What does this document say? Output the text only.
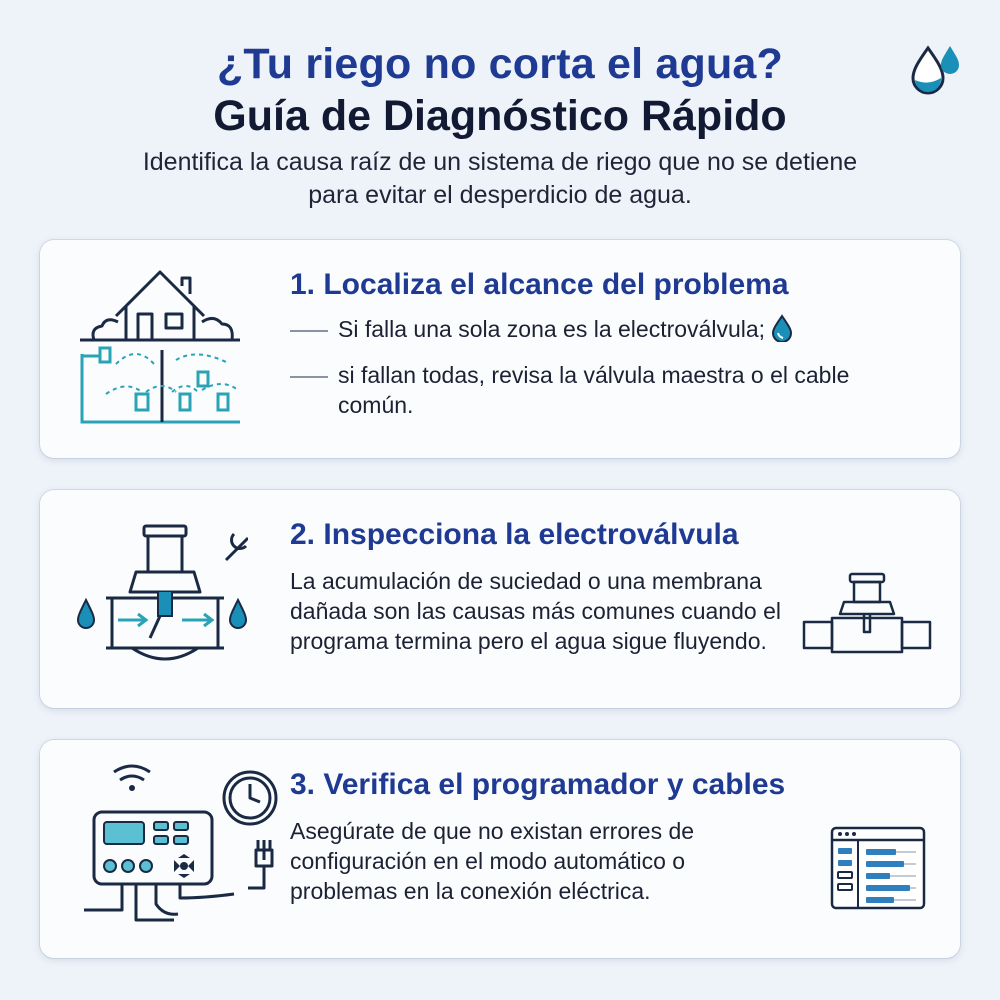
¿Tu riego no corta el agua?
Guía de Diagnóstico Rápido
Identifica la causa raíz de un sistema de riego que no se detiene para evitar el desperdicio de agua.
1. Localiza el alcance del problema
Si falla una sola zona es la electroválvula;
si fallan todas, revisa la válvula maestra o el cable común.
2. Inspecciona la electroválvula
La acumulación de suciedad o una membrana dañada son las causas más comunes cuando el programa termina pero el agua sigue fluyendo.
3. Verifica el programador y cables
Asegúrate de que no existan errores de configuración en el modo automático o problemas en la conexión eléctrica.
